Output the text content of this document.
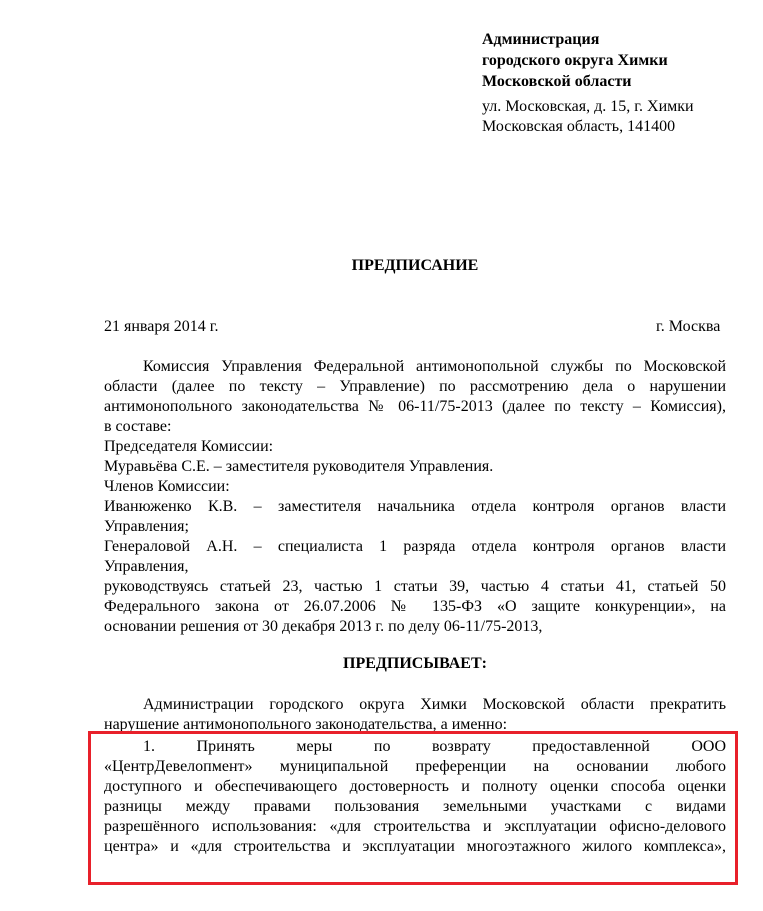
Администрация
городского округа Химки
Московской области
ул. Московская, д. 15, г. Химки
Московская область, 141400
ПРЕДПИСАНИЕ
21 января 2014 г.	г. Москва
Комиссия Управления Федеральной антимонопольной службы по Московской
области (далее по тексту – Управление) по рассмотрению дела о нарушении
антимонопольного законодательства № 06-11/75-2013 (далее по тексту – Комиссия),
в составе:
Председателя Комиссии:
Муравьёва С.Е. – заместителя руководителя Управления.
Членов Комиссии:
Иванюженко К.В. – заместителя начальника отдела контроля органов власти
Управления;
Генераловой А.Н. – специалиста 1 разряда отдела контроля органов власти
Управления,
руководствуясь статьей 23, частью 1 статьи 39, частью 4 статьи 41, статьей 50
Федерального закона от 26.07.2006 № 135-ФЗ «О защите конкуренции», на
основании решения от 30 декабря 2013 г. по делу 06-11/75-2013,
ПРЕДПИСЫВАЕТ:
Администрации городского округа Химки Московской области прекратить
нарушение антимонопольного законодательства, а именно:
1. Принять меры по возврату предоставленной ООО
«ЦентрДевелопмент» муниципальной преференции на основании любого
доступного и обеспечивающего достоверность и полноту оценки способа оценки
разницы между правами пользования земельными участками с видами
разрешённого использования: «для строительства и эксплуатации офисно-делового
центра» и «для строительства и эксплуатации многоэтажного жилого комплекса»,
